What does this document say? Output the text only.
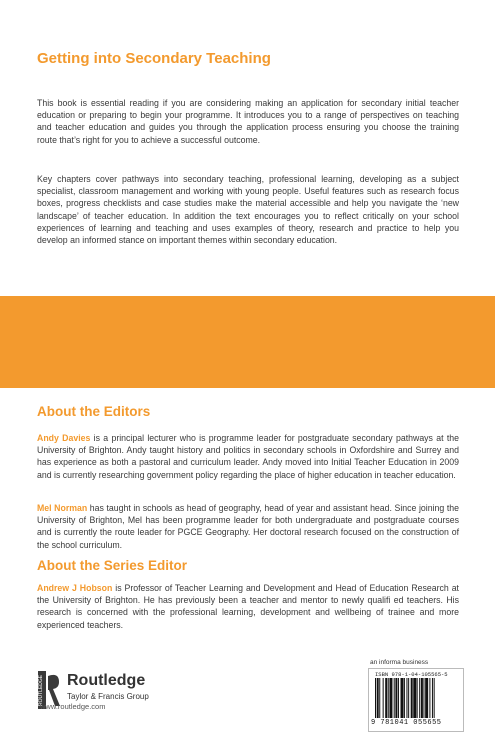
Getting into Secondary Teaching

This book is essential reading if you are considering making an application for secondary initial teacher education or preparing to begin your programme. It introduces you to a range of perspectives on teaching and teacher education and guides you through the application process ensuring you choose the training route that’s right for you to achieve a successful outcome.

Key chapters cover pathways into secondary teaching, professional learning, developing as a subject specialist, classroom management and working with young people. Useful features such as research focus boxes, progress checklists and case studies make the material accessible and help you navigate the ‘new landscape’ of teacher education. In addition the text encourages you to reflect critically on your school experiences of learning and teaching and uses examples of theory, research and practice to help you develop an informed stance on important themes within secondary education.

About the Editors

Andy Davies is a principal lecturer who is programme leader for postgraduate secondary pathways at the University of Brighton. Andy taught history and politics in secondary schools in Oxfordshire and Surrey and has experience as both a pastoral and curriculum leader. Andy moved into Initial Teacher Education in 2009 and is currently researching government policy regarding the place of higher education in teacher education.

Mel Norman has taught in schools as head of geography, head of year and assistant head. Since joining the University of Brighton, Mel has been programme leader for both undergraduate and postgraduate courses and is currently the route leader for PGCE Geography. Her doctoral research focused on the construction of the school curriculum.

About the Series Editor

Andrew J Hobson is Professor of Teacher Learning and Development and Head of Education Research at the University of Brighton. He has previously been a teacher and mentor to newly qualifi ed teachers. His research is concerned with the professional learning, development and wellbeing of trainee and more experienced teachers.

ROUTLEDGE Routledge
Taylor & Francis Group
www.routledge.com
an informa business
ISBN 978-1-04-105565-5
9 781041 055655
